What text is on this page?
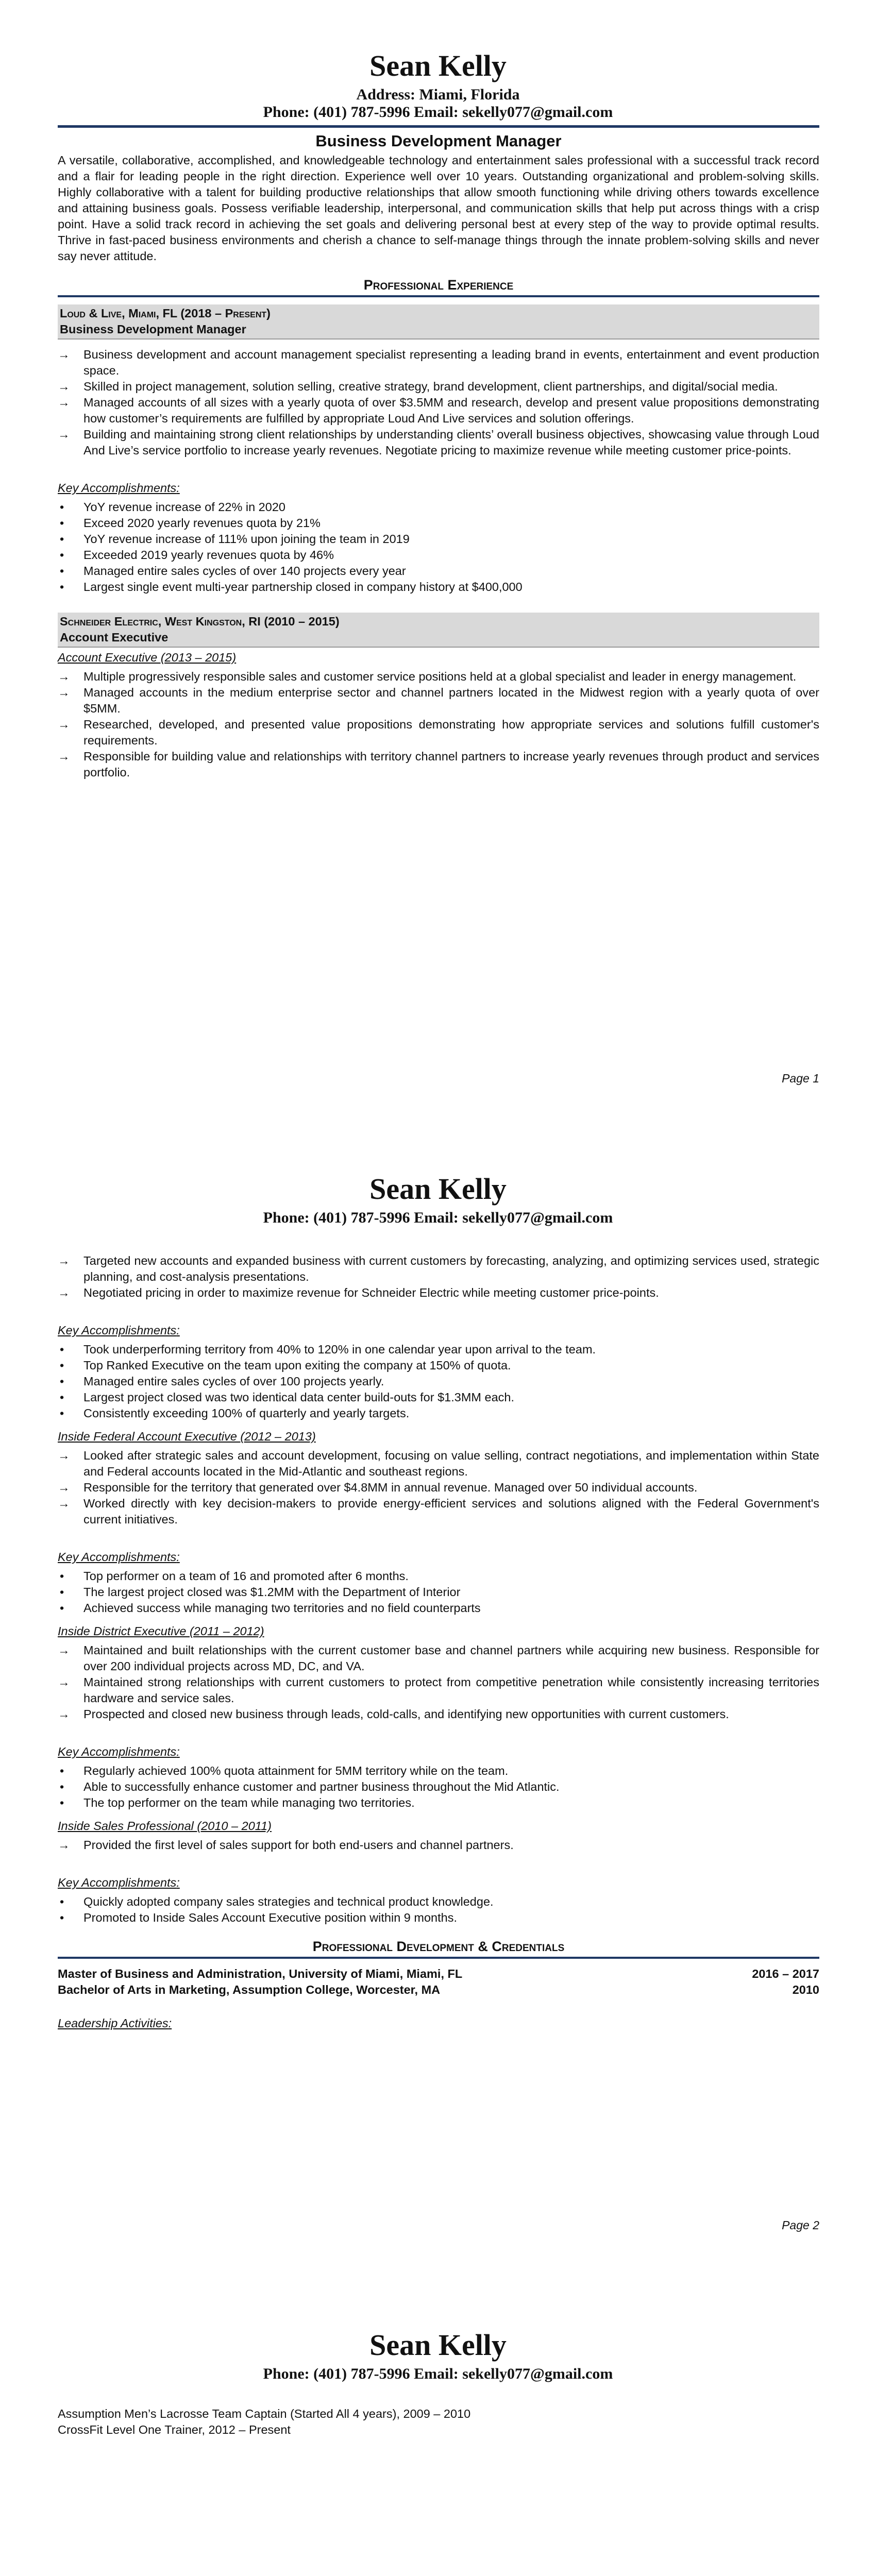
Sean Kelly
Address: Miami, Florida
Phone: (401) 787-5996 Email: sekelly077@gmail.com
Business Development Manager

A versatile, collaborative, accomplished, and knowledgeable technology and entertainment sales professional with a successful track record and a flair for leading people in the right direction. Experience well over 10 years. Outstanding organizational and problem-solving skills. Highly collaborative with a talent for building productive relationships that allow smooth functioning while driving others towards excellence and attaining business goals. Possess verifiable leadership, interpersonal, and communication skills that help put across things with a crisp point. Have a solid track record in achieving the set goals and delivering personal best at every step of the way to provide optimal results. Thrive in fast-paced business environments and cherish a chance to self-manage things through the innate problem-solving skills and never say never attitude.

Professional Experience
Loud & Live, Miami, FL (2018 – Present)
Business Development Manager
→ Business development and account management specialist representing a leading brand in events, entertainment and event production space.
→ Skilled in project management, solution selling, creative strategy, brand development, client partnerships, and digital/social media.
→ Managed accounts of all sizes with a yearly quota of over $3.5MM and research, develop and present value propositions demonstrating how customer’s requirements are fulfilled by appropriate Loud And Live services and solution offerings.
→ Building and maintaining strong client relationships by understanding clients’ overall business objectives, showcasing value through Loud And Live’s service portfolio to increase yearly revenues. Negotiate pricing to maximize revenue while meeting customer price-points.
Key Accomplishments:
• YoY revenue increase of 22% in 2020
• Exceed 2020 yearly revenues quota by 21%
• YoY revenue increase of 111% upon joining the team in 2019
• Exceeded 2019 yearly revenues quota by 46%
• Managed entire sales cycles of over 140 projects every year
• Largest single event multi-year partnership closed in company history at $400,000
Schneider Electric, West Kingston, RI (2010 – 2015)
Account Executive
Account Executive (2013 – 2015)
→ Multiple progressively responsible sales and customer service positions held at a global specialist and leader in energy management.
→ Managed accounts in the medium enterprise sector and channel partners located in the Midwest region with a yearly quota of over $5MM.
→ Researched, developed, and presented value propositions demonstrating how appropriate services and solutions fulfill customer's requirements.
→ Responsible for building value and relationships with territory channel partners to increase yearly revenues through product and services portfolio.
Page 1
Sean Kelly
Phone: (401) 787-5996 Email: sekelly077@gmail.com
→ Targeted new accounts and expanded business with current customers by forecasting, analyzing, and optimizing services used, strategic planning, and cost-analysis presentations.
→ Negotiated pricing in order to maximize revenue for Schneider Electric while meeting customer price-points.
Key Accomplishments:
• Took underperforming territory from 40% to 120% in one calendar year upon arrival to the team.
• Top Ranked Executive on the team upon exiting the company at 150% of quota.
• Managed entire sales cycles of over 100 projects yearly.
• Largest project closed was two identical data center build-outs for $1.3MM each.
• Consistently exceeding 100% of quarterly and yearly targets.
Inside Federal Account Executive (2012 – 2013)
→ Looked after strategic sales and account development, focusing on value selling, contract negotiations, and implementation within State and Federal accounts located in the Mid-Atlantic and southeast regions.
→ Responsible for the territory that generated over $4.8MM in annual revenue. Managed over 50 individual accounts.
→ Worked directly with key decision-makers to provide energy-efficient services and solutions aligned with the Federal Government's current initiatives.
Key Accomplishments:
• Top performer on a team of 16 and promoted after 6 months.
• The largest project closed was $1.2MM with the Department of Interior
• Achieved success while managing two territories and no field counterparts
Inside District Executive (2011 – 2012)
→ Maintained and built relationships with the current customer base and channel partners while acquiring new business. Responsible for over 200 individual projects across MD, DC, and VA.
→ Maintained strong relationships with current customers to protect from competitive penetration while consistently increasing territories hardware and service sales.
→ Prospected and closed new business through leads, cold-calls, and identifying new opportunities with current customers.
Key Accomplishments:
• Regularly achieved 100% quota attainment for 5MM territory while on the team.
• Able to successfully enhance customer and partner business throughout the Mid Atlantic.
• The top performer on the team while managing two territories.
Inside Sales Professional (2010 – 2011)
→ Provided the first level of sales support for both end-users and channel partners.
Key Accomplishments:
• Quickly adopted company sales strategies and technical product knowledge.
• Promoted to Inside Sales Account Executive position within 9 months.
Professional Development & Credentials
Master of Business and Administration, University of Miami, Miami, FL	2016 – 2017
Bachelor of Arts in Marketing, Assumption College, Worcester, MA	2010
Leadership Activities:
Page 2
Sean Kelly
Phone: (401) 787-5996 Email: sekelly077@gmail.com

Assumption Men’s Lacrosse Team Captain (Started All 4 years), 2009 – 2010

CrossFit Level One Trainer, 2012 – Present
